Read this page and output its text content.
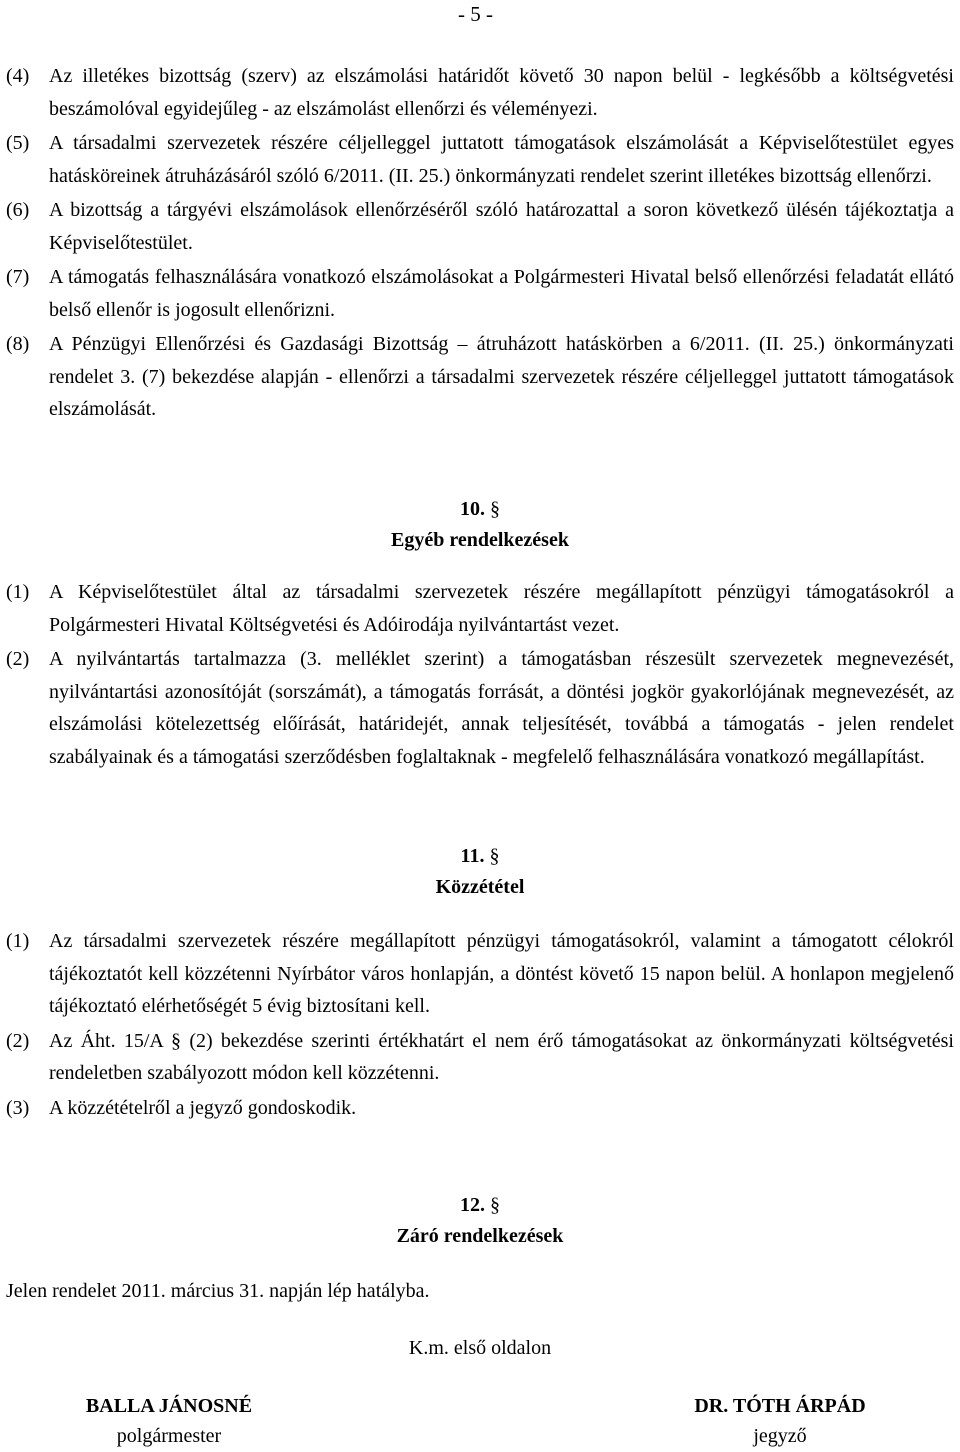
- 5 -
(4) Az illetékes bizottság (szerv) az elszámolási határidőt követő 30 napon belül - legkésőbb a költségvetési beszámolóval egyidejűleg - az elszámolást ellenőrzi és véleményezi.
(5) A társadalmi szervezetek részére céljelleggel juttatott támogatások elszámolását a Képviselőtestület egyes hatásköreinek átruházásáról szóló 6/2011. (II. 25.) önkormányzati rendelet szerint illetékes bizottság ellenőrzi.
(6) A bizottság a tárgyévi elszámolások ellenőrzéséről szóló határozattal a soron következő ülésén tájékoztatja a Képviselőtestület.
(7) A támogatás felhasználására vonatkozó elszámolásokat a Polgármesteri Hivatal belső ellenőrzési feladatát ellátó belső ellenőr is jogosult ellenőrizni.
(8) A Pénzügyi Ellenőrzési és Gazdasági Bizottság – átruházott hatáskörben a 6/2011. (II. 25.) önkormányzati rendelet 3. (7) bekezdése alapján - ellenőrzi a társadalmi szervezetek részére céljelleggel juttatott támogatások elszámolását.
10. §
Egyéb rendelkezések
(1) A Képviselőtestület által az társadalmi szervezetek részére megállapított pénzügyi támogatásokról a Polgármesteri Hivatal Költségvetési és Adóirodája nyilvántartást vezet.
(2) A nyilvántartás tartalmazza (3. melléklet szerint) a támogatásban részesült szervezetek megnevezését, nyilvántartási azonosítóját (sorszámát), a támogatás forrását, a döntési jogkör gyakorlójának megnevezését, az elszámolási kötelezettség előírását, határidejét, annak teljesítését, továbbá a támogatás - jelen rendelet szabályainak és a támogatási szerződésben foglaltaknak - megfelelő felhasználására vonatkozó megállapítást.
11. §
Közzététel
(1) Az társadalmi szervezetek részére megállapított pénzügyi támogatásokról, valamint a támogatott célokról tájékoztatót kell közzétenni Nyírbátor város honlapján, a döntést követő 15 napon belül. A honlapon megjelenő tájékoztató elérhetőségét 5 évig biztosítani kell.
(2) Az Áht. 15/A § (2) bekezdése szerinti értékhatárt el nem érő támogatásokat az önkormányzati költségvetési rendeletben szabályozott módon kell közzétenni.
(3) A közzétételről a jegyző gondoskodik.
12. §
Záró rendelkezések
Jelen rendelet 2011. március 31. napján lép hatályba.
K.m. első oldalon
BALLA JÁNOSNÉ
polgármester
DR. TÓTH ÁRPÁD
jegyző
